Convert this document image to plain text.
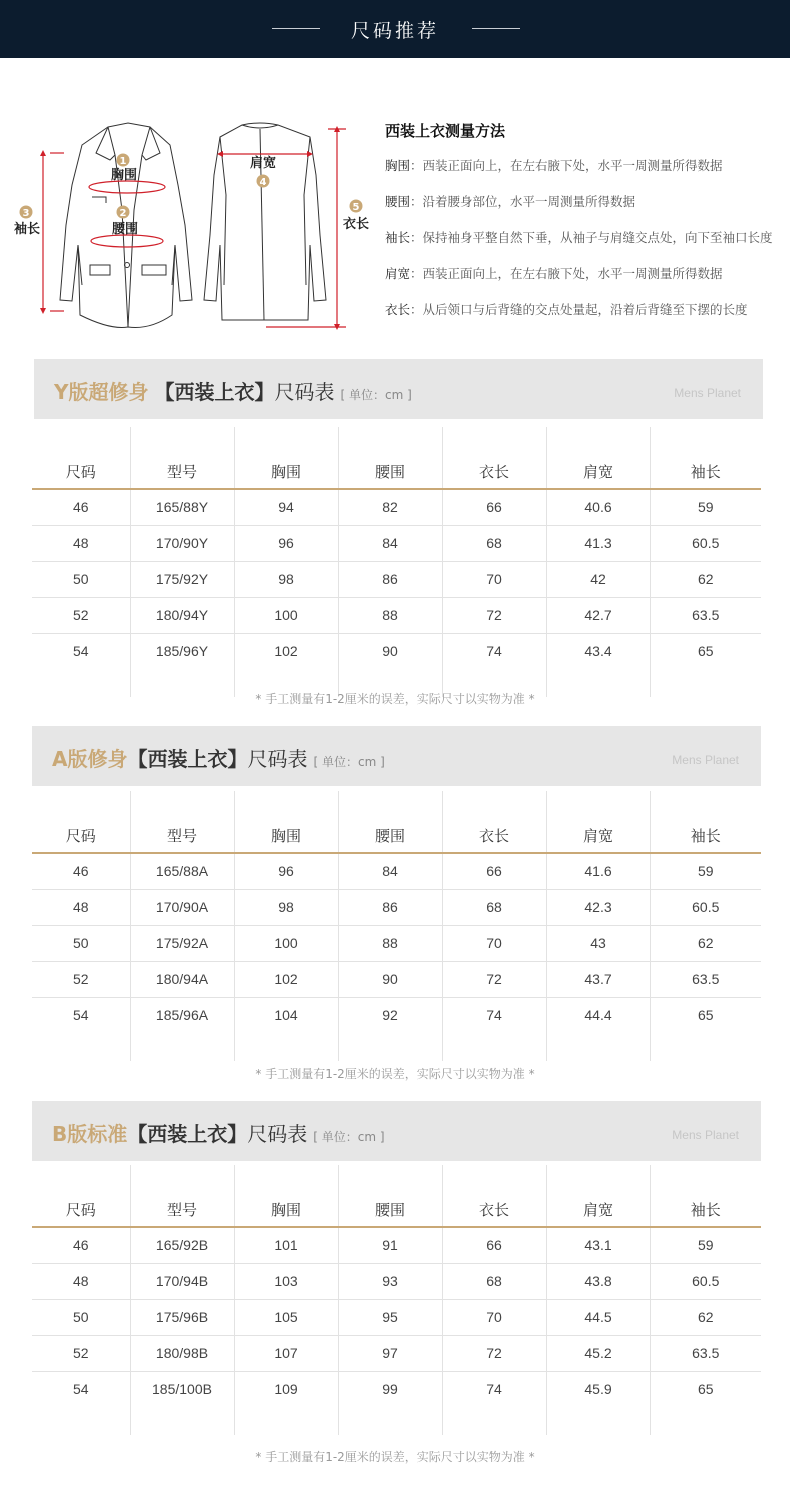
尺码推荐
1
胸围
2
腰围
3
袖长
肩宽
4
5
衣长
西装上衣测量方法
胸围：西装正面向上，在左右腋下处，水平一周测量所得数据
腰围：沿着腰身部位，水平一周测量所得数据
袖长：保持袖身平整自然下垂，从袖子与肩缝交点处，向下至袖口长度
肩宽：西装正面向上，在左右腋下处，水平一周测量所得数据
衣长：从后领口与后背缝的交点处量起，沿着后背缝至下摆的长度
Y版超修身 【西装上衣】尺码表 [ 单位：cm ]	Mens Planet
尺码	型号	胸围	腰围	衣长	肩宽	袖长
46	165/88Y	94	82	66	40.6	59
48	170/90Y	96	84	68	41.3	60.5
50	175/92Y	98	86	70	42	62
52	180/94Y	100	88	72	42.7	63.5
54	185/96Y	102	90	74	43.4	65

* 手工测量有1-2厘米的误差，实际尺寸以实物为准 *
A版修身【西装上衣】尺码表 [ 单位：cm ]	Mens Planet
尺码	型号	胸围	腰围	衣长	肩宽	袖长
46	165/88A	96	84	66	41.6	59
48	170/90A	98	86	68	42.3	60.5
50	175/92A	100	88	70	43	62
52	180/94A	102	90	72	43.7	63.5
54	185/96A	104	92	74	44.4	65

* 手工测量有1-2厘米的误差，实际尺寸以实物为准 *
B版标准【西装上衣】尺码表 [ 单位：cm ]	Mens Planet
尺码	型号	胸围	腰围	衣长	肩宽	袖长
46	165/92B	101	91	66	43.1	59
48	170/94B	103	93	68	43.8	60.5
50	175/96B	105	95	70	44.5	62
52	180/98B	107	97	72	45.2	63.5
54	185/100B	109	99	74	45.9	65

* 手工测量有1-2厘米的误差，实际尺寸以实物为准 *
